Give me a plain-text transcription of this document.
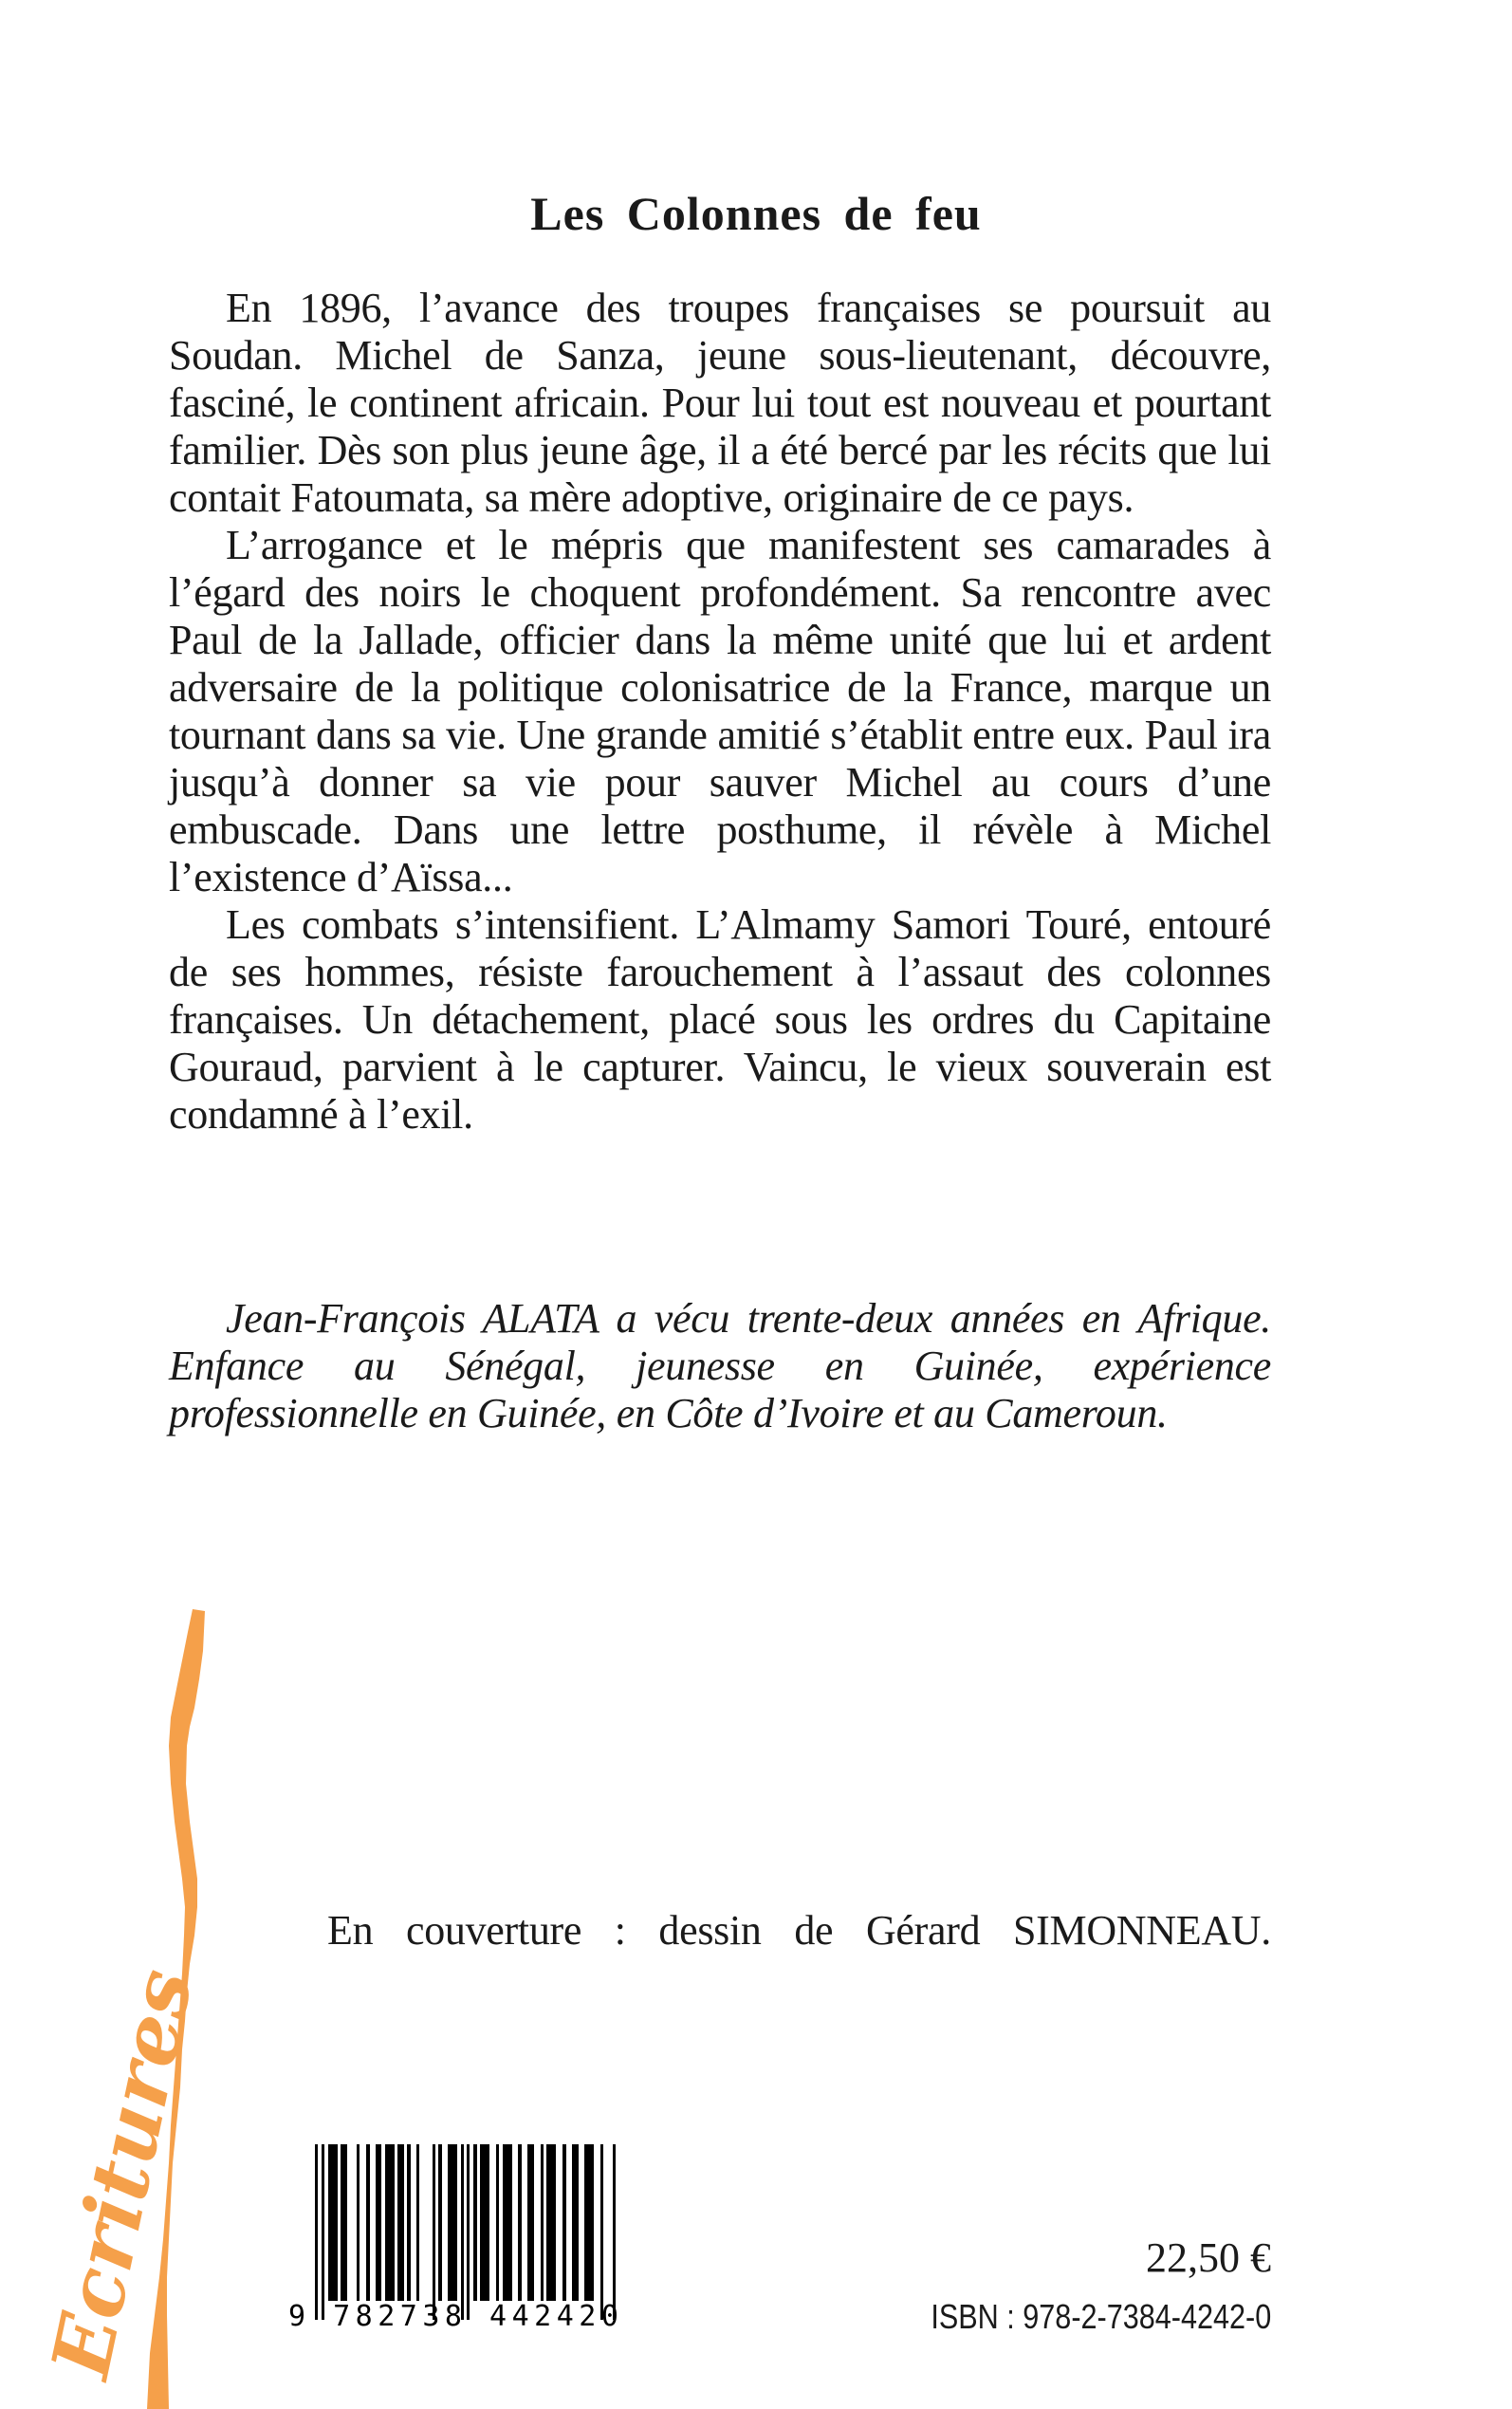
Les Colonnes de feu

En 1896, l’avance des troupes françaises se poursuit au Soudan. Michel de Sanza, jeune sous-lieutenant, découvre, fasciné, le continent africain. Pour lui tout est nouveau et pourtant familier. Dès son plus jeune âge, il a été bercé par les récits que lui contait Fatoumata, sa mère adoptive, originaire de ce pays.

L’arrogance et le mépris que manifestent ses camarades à l’égard des noirs le choquent profondément. Sa rencontre avec Paul de la Jallade, officier dans la même unité que lui et ardent adversaire de la politique colonisatrice de la France, marque un tournant dans sa vie. Une grande amitié s’établit entre eux. Paul ira jusqu’à donner sa vie pour sauver Michel au cours d’une embuscade. Dans une lettre posthume, il révèle à Michel l’existence d’Aïssa...

Les combats s’intensifient. L’Almamy Samori Touré, entouré de ses hommes, résiste farouchement à l’assaut des colonnes françaises. Un détachement, placé sous les ordres du Capitaine Gouraud, parvient à le capturer. Vaincu, le vieux souverain est condamné à l’exil.

Jean-François ALATA a vécu trente-deux années en Afrique. Enfance au Sénégal, jeunesse en Guinée, expérience professionnelle en Guinée, en Côte d’Ivoire et au Cameroun.

En couverture : dessin de Gérard SIMONNEAU.

Ecritures	9 782738 442420

22,50 €

ISBN : 978-2-7384-4242-0
